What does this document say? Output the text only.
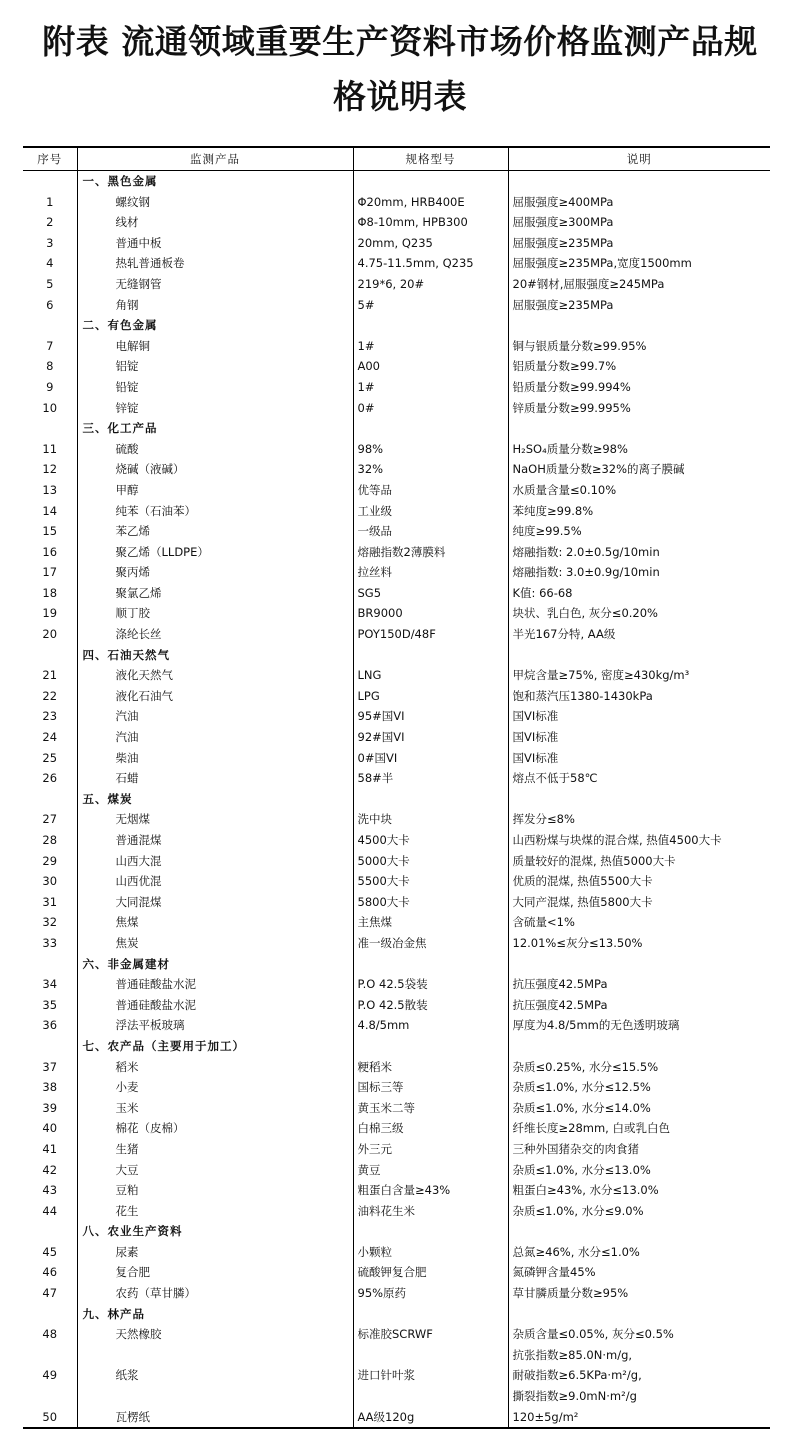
附表 流通领域重要生产资料市场价格监测产品规
格说明表
序号	监测产品	规格型号	说明
	一、黑色金属		
1	螺纹钢	Φ20mm, HRB400E	屈服强度≥400MPa
2	线材	Φ8-10mm, HPB300	屈服强度≥300MPa
3	普通中板	20mm, Q235	屈服强度≥235MPa
4	热轧普通板卷	4.75-11.5mm, Q235	屈服强度≥235MPa,宽度1500mm
5	无缝钢管	219*6, 20#	20#钢材,屈服强度≥245MPa
6	角钢	5#	屈服强度≥235MPa
	二、有色金属		
7	电解铜	1#	铜与银质量分数≥99.95%
8	铝锭	A00	铝质量分数≥99.7%
9	铅锭	1#	铅质量分数≥99.994%
10	锌锭	0#	锌质量分数≥99.995%
	三、化工产品		
11	硫酸	98%	H₂SO₄质量分数≥98%
12	烧碱（液碱）	32%	NaOH质量分数≥32%的离子膜碱
13	甲醇	优等品	水质量含量≤0.10%
14	纯苯（石油苯）	工业级	苯纯度≥99.8%
15	苯乙烯	一级品	纯度≥99.5%
16	聚乙烯（LLDPE）	熔融指数2薄膜料	熔融指数: 2.0±0.5g/10min
17	聚丙烯	拉丝料	熔融指数: 3.0±0.9g/10min
18	聚氯乙烯	SG5	K值: 66-68
19	顺丁胶	BR9000	块状、乳白色, 灰分≤0.20%
20	涤纶长丝	POY150D/48F	半光167分特, AA级
	四、石油天然气		
21	液化天然气	LNG	甲烷含量≥75%, 密度≥430kg/m³
22	液化石油气	LPG	饱和蒸汽压1380-1430kPa
23	汽油	95#国VI	国VI标准
24	汽油	92#国VI	国VI标准
25	柴油	0#国VI	国VI标准
26	石蜡	58#半	熔点不低于58℃
	五、煤炭		
27	无烟煤	洗中块	挥发分≤8%
28	普通混煤	4500大卡	山西粉煤与块煤的混合煤, 热值4500大卡
29	山西大混	5000大卡	质量较好的混煤, 热值5000大卡
30	山西优混	5500大卡	优质的混煤, 热值5500大卡
31	大同混煤	5800大卡	大同产混煤, 热值5800大卡
32	焦煤	主焦煤	含硫量<1%
33	焦炭	准一级冶金焦	12.01%≤灰分≤13.50%
	六、非金属建材		
34	普通硅酸盐水泥	P.O 42.5袋装	抗压强度42.5MPa
35	普通硅酸盐水泥	P.O 42.5散装	抗压强度42.5MPa
36	浮法平板玻璃	4.8/5mm	厚度为4.8/5mm的无色透明玻璃
	七、农产品（主要用于加工）		
37	稻米	粳稻米	杂质≤0.25%, 水分≤15.5%
38	小麦	国标三等	杂质≤1.0%, 水分≤12.5%
39	玉米	黄玉米二等	杂质≤1.0%, 水分≤14.0%
40	棉花（皮棉）	白棉三级	纤维长度≥28mm, 白或乳白色
41	生猪	外三元	三种外国猪杂交的肉食猪
42	大豆	黄豆	杂质≤1.0%, 水分≤13.0%
43	豆粕	粗蛋白含量≥43%	粗蛋白≥43%, 水分≤13.0%
44	花生	油料花生米	杂质≤1.0%, 水分≤9.0%
	八、农业生产资料		
45	尿素	小颗粒	总氮≥46%, 水分≤1.0%
46	复合肥	硫酸钾复合肥	氮磷钾含量45%
47	农药（草甘膦）	95%原药	草甘膦质量分数≥95%
	九、林产品		
48	天然橡胶	标准胶SCRWF	杂质含量≤0.05%, 灰分≤0.5%
49	纸浆	进口针叶浆	抗张指数≥85.0N·m/g,
耐破指数≥6.5KPa·m²/g,
撕裂指数≥9.0mN·m²/g

50	瓦楞纸	AA级120g	120±5g/m²
